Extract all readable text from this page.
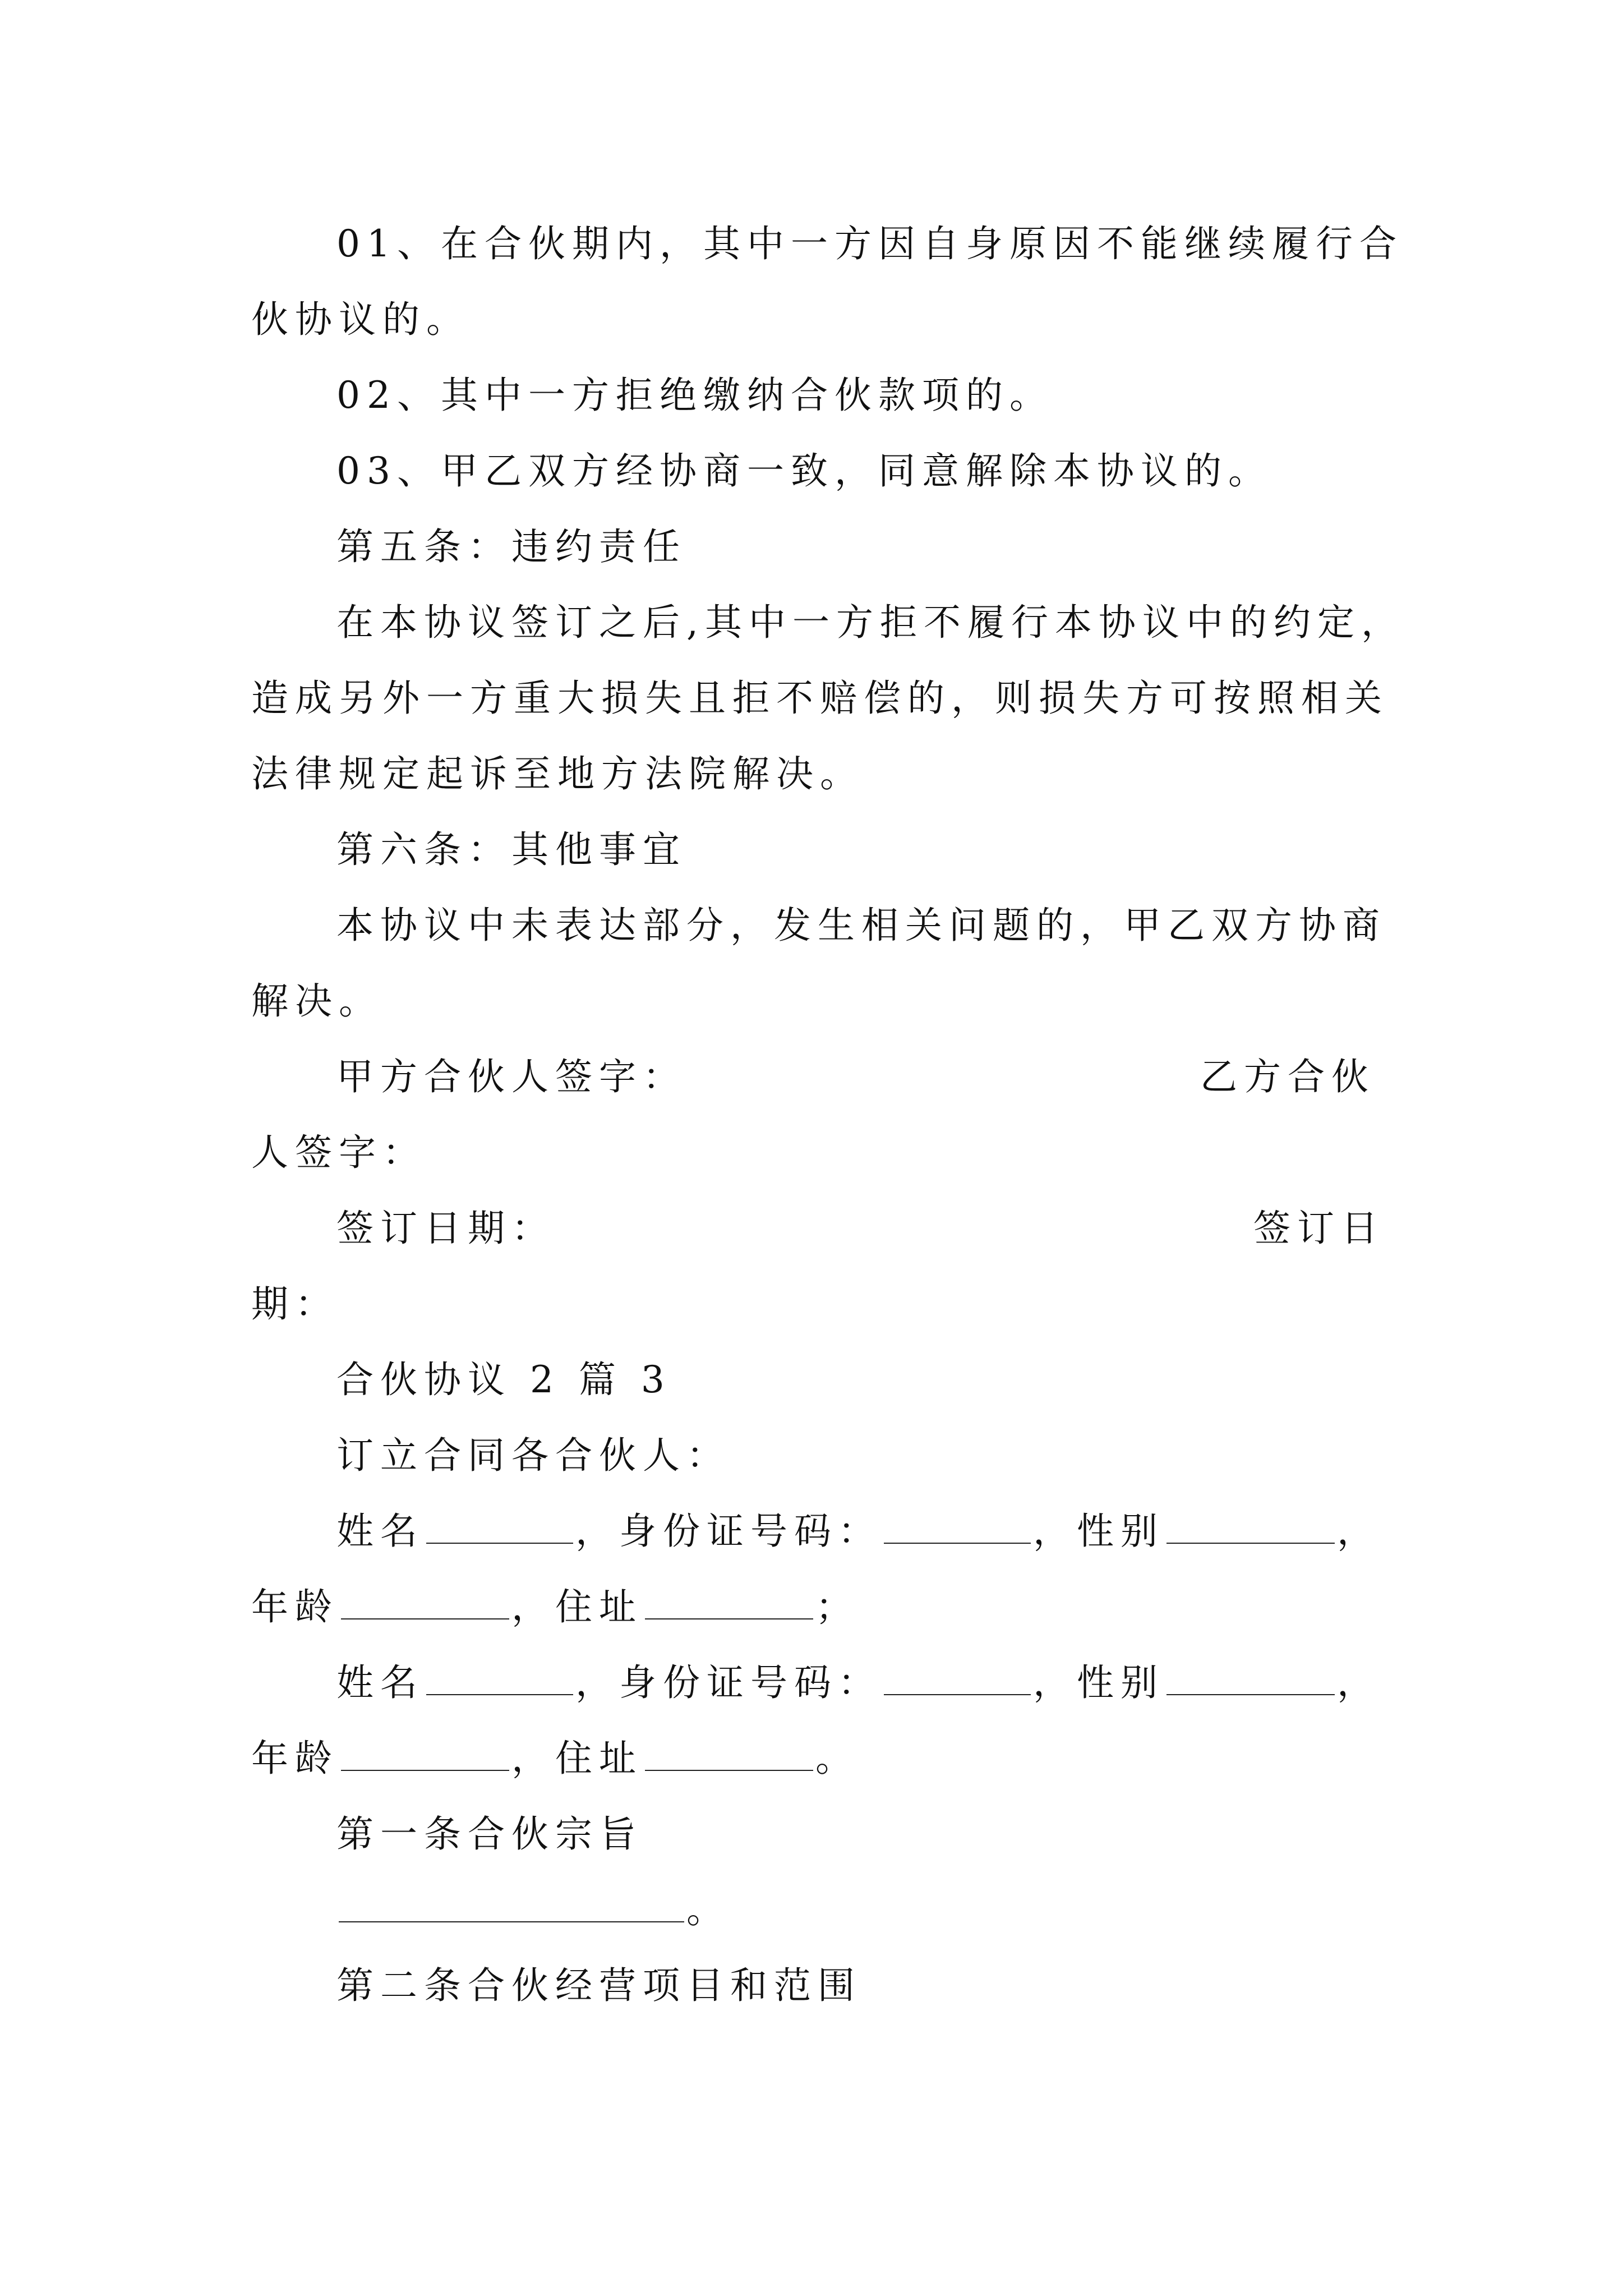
01、在合伙期内，其中一方因自身原因不能继续履行合
伙协议的。
02、其中一方拒绝缴纳合伙款项的。
03、甲乙双方经协商一致，同意解除本协议的。
第五条：违约责任
在本协议签订之后,其中一方拒不履行本协议中的约定，
造成另外一方重大损失且拒不赔偿的，则损失方可按照相关
法律规定起诉至地方法院解决。
第六条：其他事宜
本协议中未表达部分，发生相关问题的，甲乙双方协商
解决。
甲方合伙人签字：	乙方合伙
人签字：
签订日期：	签订日
期：
合伙协议 2 篇 3
订立合同各合伙人：
姓名	，身份证号码：	，性别	，
年龄	，住址	；
姓名	，身份证号码：	，性别	，
年龄	，住址	。
第一条合伙宗旨
。
第二条合伙经营项目和范围
